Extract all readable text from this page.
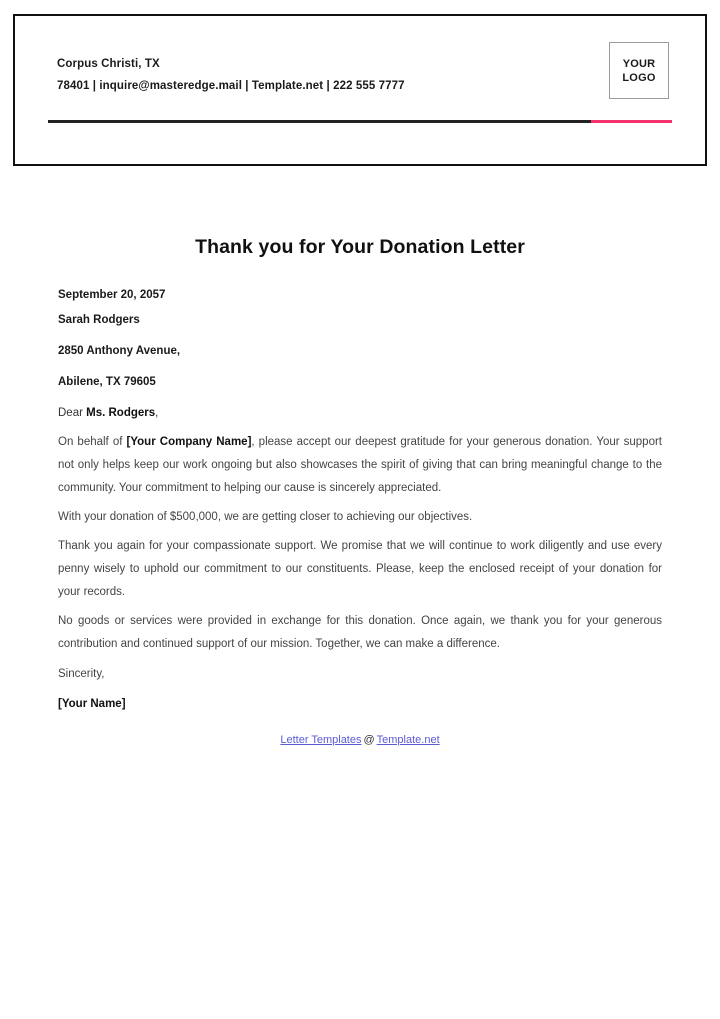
Corpus Christi, TX
78401 | inquire@masteredge.mail | Template.net | 222 555 7777
YOUR
LOGO
Thank you for Your Donation Letter

September 20, 2057

Sarah Rodgers

2850 Anthony Avenue,

Abilene, TX 79605

Dear Ms. Rodgers,

On behalf of [Your Company Name], please accept our deepest gratitude for your generous donation. Your support not only helps keep our work ongoing but also showcases the spirit of giving that can bring meaningful change to the community. Your commitment to helping our cause is sincerely appreciated.

With your donation of $500,000, we are getting closer to achieving our objectives.

Thank you again for your compassionate support. We promise that we will continue to work diligently and use every penny wisely to uphold our commitment to our constituents. Please, keep the enclosed receipt of your donation for your records.

No goods or services were provided in exchange for this donation. Once again, we thank you for your generous contribution and continued support of our mission. Together, we can make a difference.

Sincerity,

[Your Name]

Letter Templates @ Template.net
